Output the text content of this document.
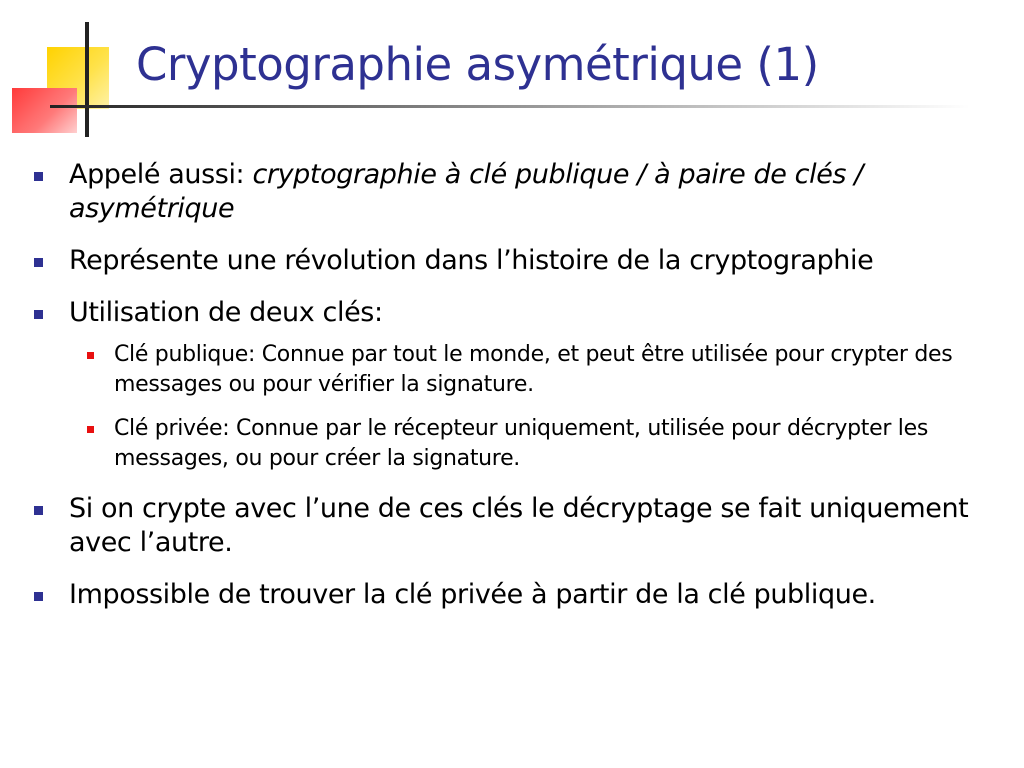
Cryptographie asymétrique (1)
Appelé aussi: cryptographie à clé publique / à paire de clés / asymétrique
Représente une révolution dans l’histoire de la cryptographie
Utilisation de deux clés:
Clé publique: Connue par tout le monde, et peut être utilisée pour crypter des messages ou pour vérifier la signature.
Clé privée: Connue par le récepteur uniquement, utilisée pour décrypter les messages, ou pour créer la signature.
Si on crypte avec l’une de ces clés le décryptage se fait uniquement avec l’autre.
Impossible de trouver la clé privée à partir de la clé publique.
